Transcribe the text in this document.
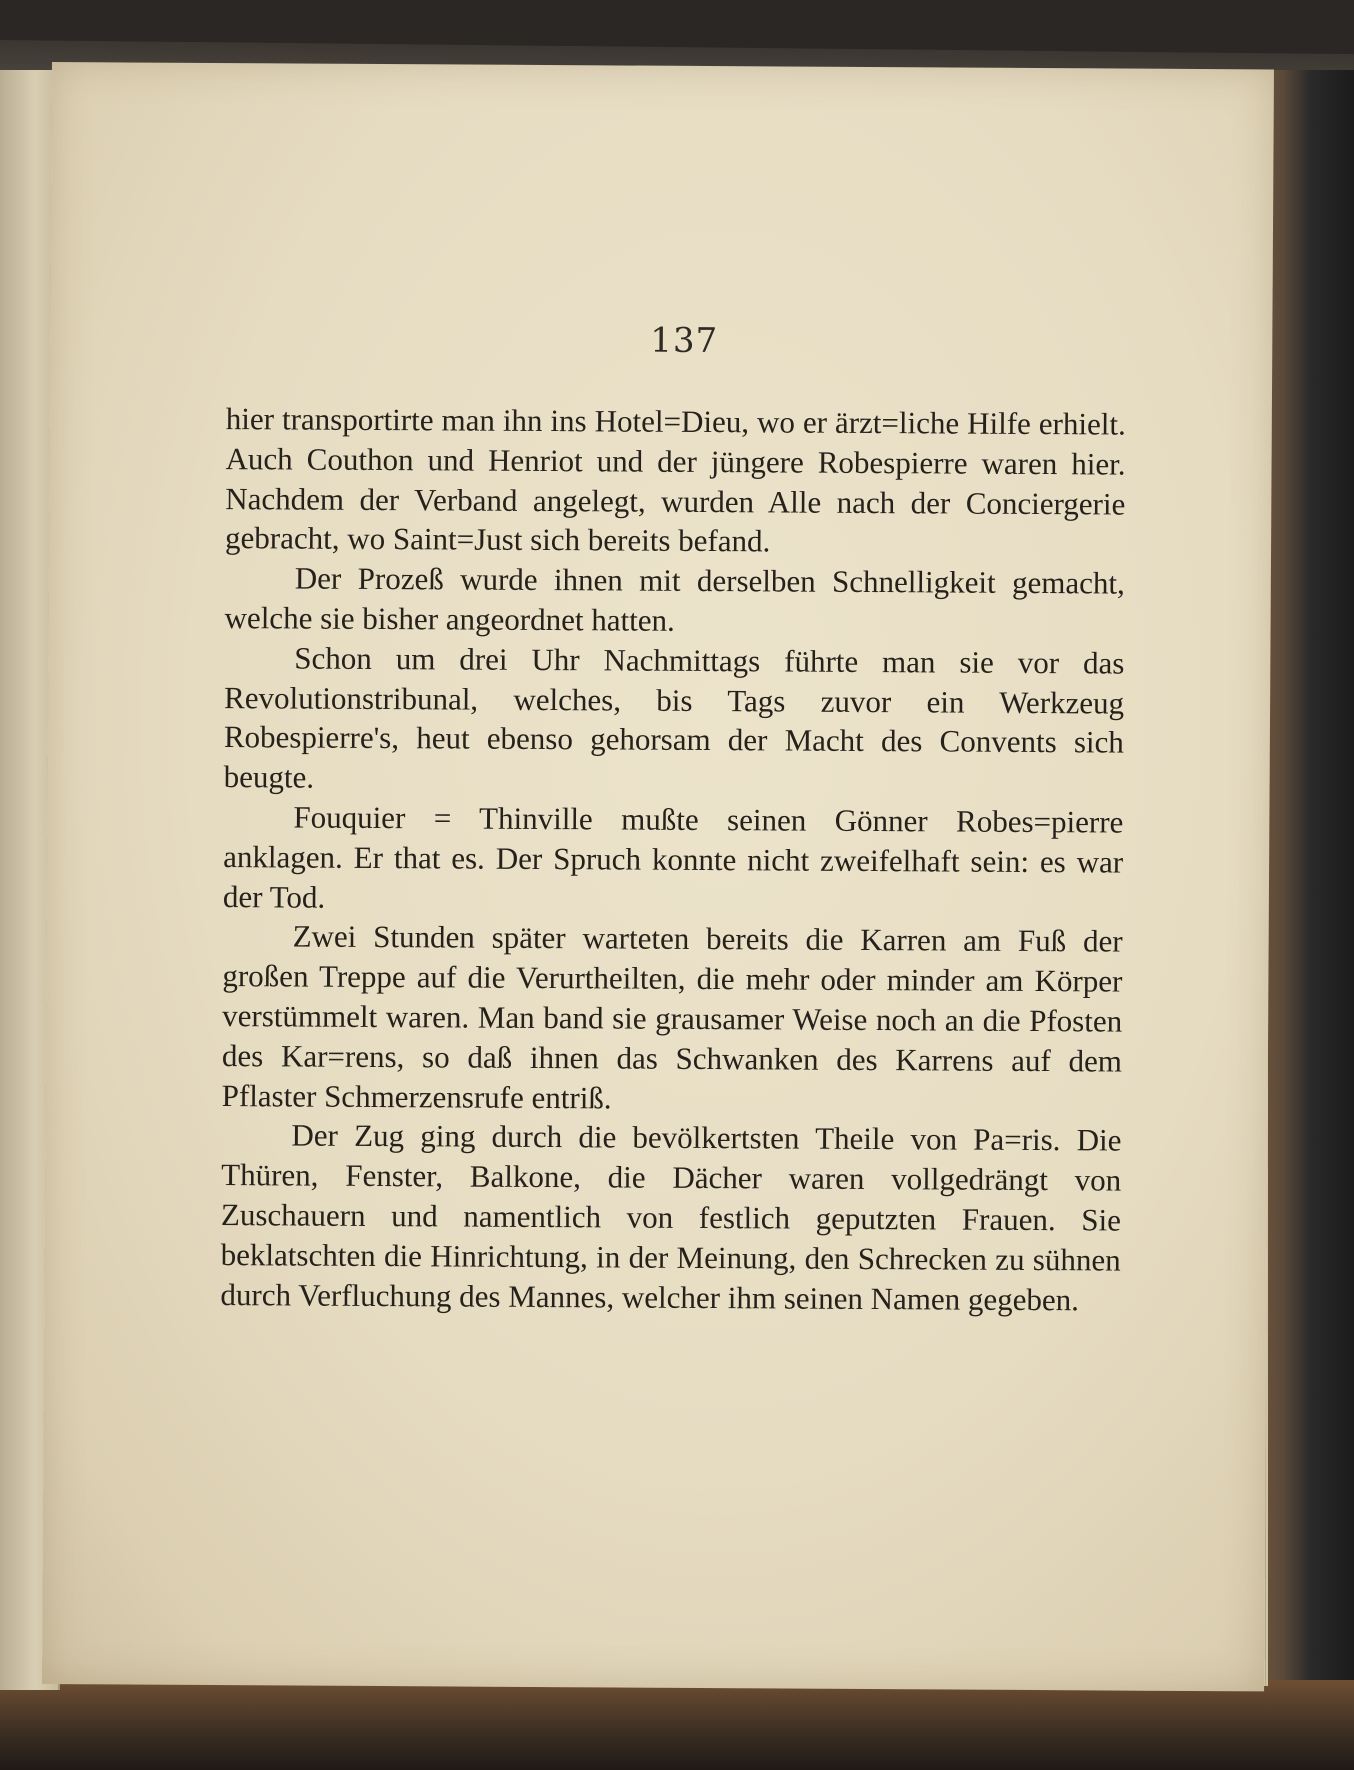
137

hier transportirte man ihn ins Hotel=Dieu, wo er ärzt=liche Hilfe erhielt. Auch Couthon und Henriot und der jüngere Robespierre waren hier. Nachdem der Verband angelegt, wurden Alle nach der Conciergerie gebracht, wo Saint=Just sich bereits befand.

Der Prozeß wurde ihnen mit derselben Schnelligkeit gemacht, welche sie bisher angeordnet hatten.

Schon um drei Uhr Nachmittags führte man sie vor das Revolutionstribunal, welches, bis Tags zuvor ein Werkzeug Robespierre's, heut ebenso gehorsam der Macht des Convents sich beugte.

Fouquier = Thinville mußte seinen Gönner Robes=pierre anklagen. Er that es. Der Spruch konnte nicht zweifelhaft sein: es war der Tod.

Zwei Stunden später warteten bereits die Karren am Fuß der großen Treppe auf die Verurtheilten, die mehr oder minder am Körper verstümmelt waren. Man band sie grausamer Weise noch an die Pfosten des Kar=rens, so daß ihnen das Schwanken des Karrens auf dem Pflaster Schmerzensrufe entriß.

Der Zug ging durch die bevölkertsten Theile von Pa=ris. Die Thüren, Fenster, Balkone, die Dächer waren vollgedrängt von Zuschauern und namentlich von festlich geputzten Frauen. Sie beklatschten die Hinrichtung, in der Meinung, den Schrecken zu sühnen durch Verfluchung des Mannes, welcher ihm seinen Namen gegeben.
